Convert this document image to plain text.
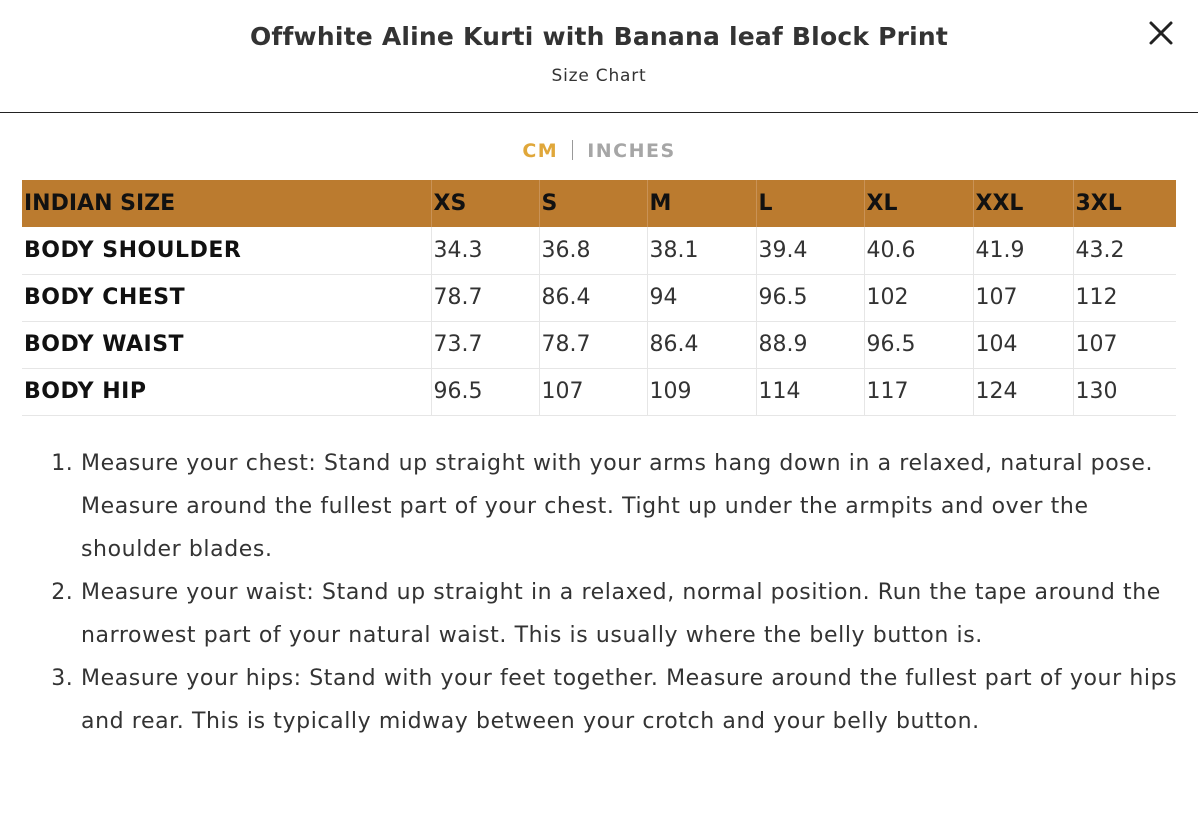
Offwhite Aline Kurti with Banana leaf Block Print
Size Chart
CM INCHES
INDIAN SIZE	XS	S	M	L	XL	XXL	3XL
BODY SHOULDER	34.3	36.8	38.1	39.4	40.6	41.9	43.2
BODY CHEST	78.7	86.4	94	96.5	102	107	112
BODY WAIST	73.7	78.7	86.4	88.9	96.5	104	107
BODY HIP	96.5	107	109	114	117	124	130
1. Measure your chest: Stand up straight with your arms hang down in a relaxed, natural pose. Measure around the fullest part of your chest. Tight up under the armpits and over the shoulder blades.
2. Measure your waist: Stand up straight in a relaxed, normal position. Run the tape around the narrowest part of your natural waist. This is usually where the belly button is.
3. Measure your hips: Stand with your feet together. Measure around the fullest part of your hips and rear. This is typically midway between your crotch and your belly button.
